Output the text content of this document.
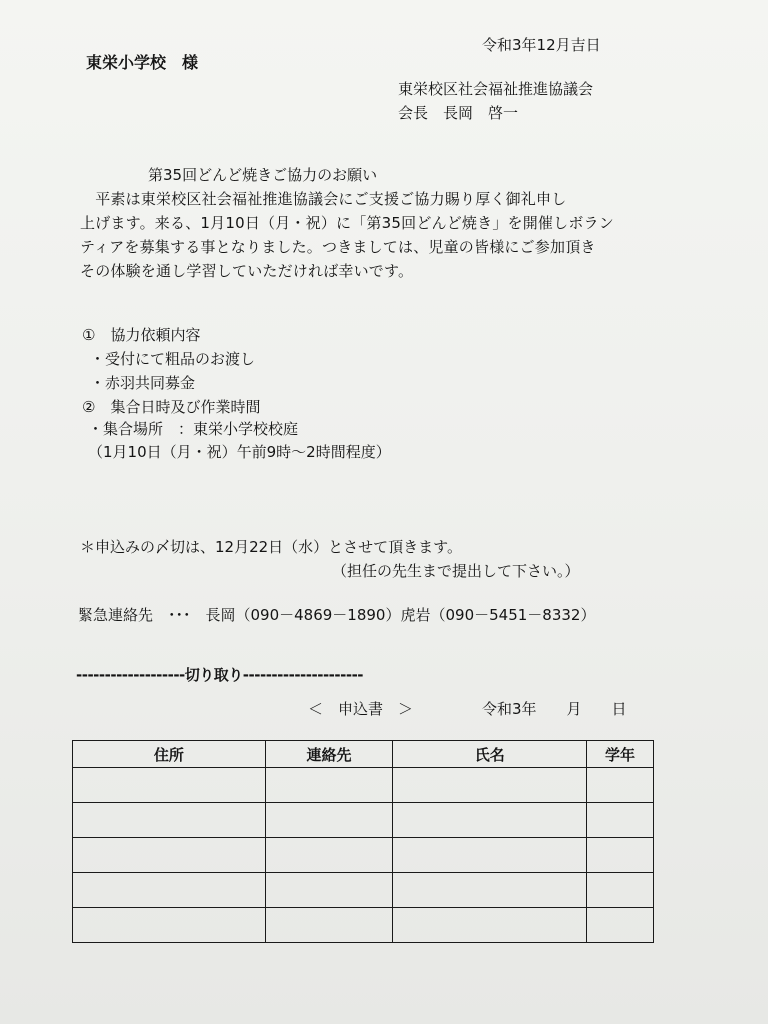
令和3年12月吉日
東栄小学校　様
東栄校区社会福祉推進協議会
会長　長岡　啓一
第35回どんど焼きご協力のお願い
　平素は東栄校区社会福祉推進協議会にご支援ご協力賜り厚く御礼申し
上げます。来る、1月10日（月・祝）に「第35回どんど焼き」を開催しボラン
ティアを募集する事となりました。つきましては、児童の皆様にご参加頂き
その体験を通し学習していただければ幸いです。
①　協力依頼内容
・受付にて粗品のお渡し
・赤羽共同募金
②　集合日時及び作業時間
・集合場所　：東栄小学校校庭
（1月10日（月・祝）午前9時～2時間程度）
＊申込みの〆切は、12月22日（水）とさせて頂きます。
（担任の先生まで提出して下さい。）
緊急連絡先　･･･　長岡（090－4869－1890）虎岩（090－5451－8332）
-------------------切り取り---------------------
＜　申込書　＞	令和3年　　月　　日
住所	連絡先	氏名	学年
